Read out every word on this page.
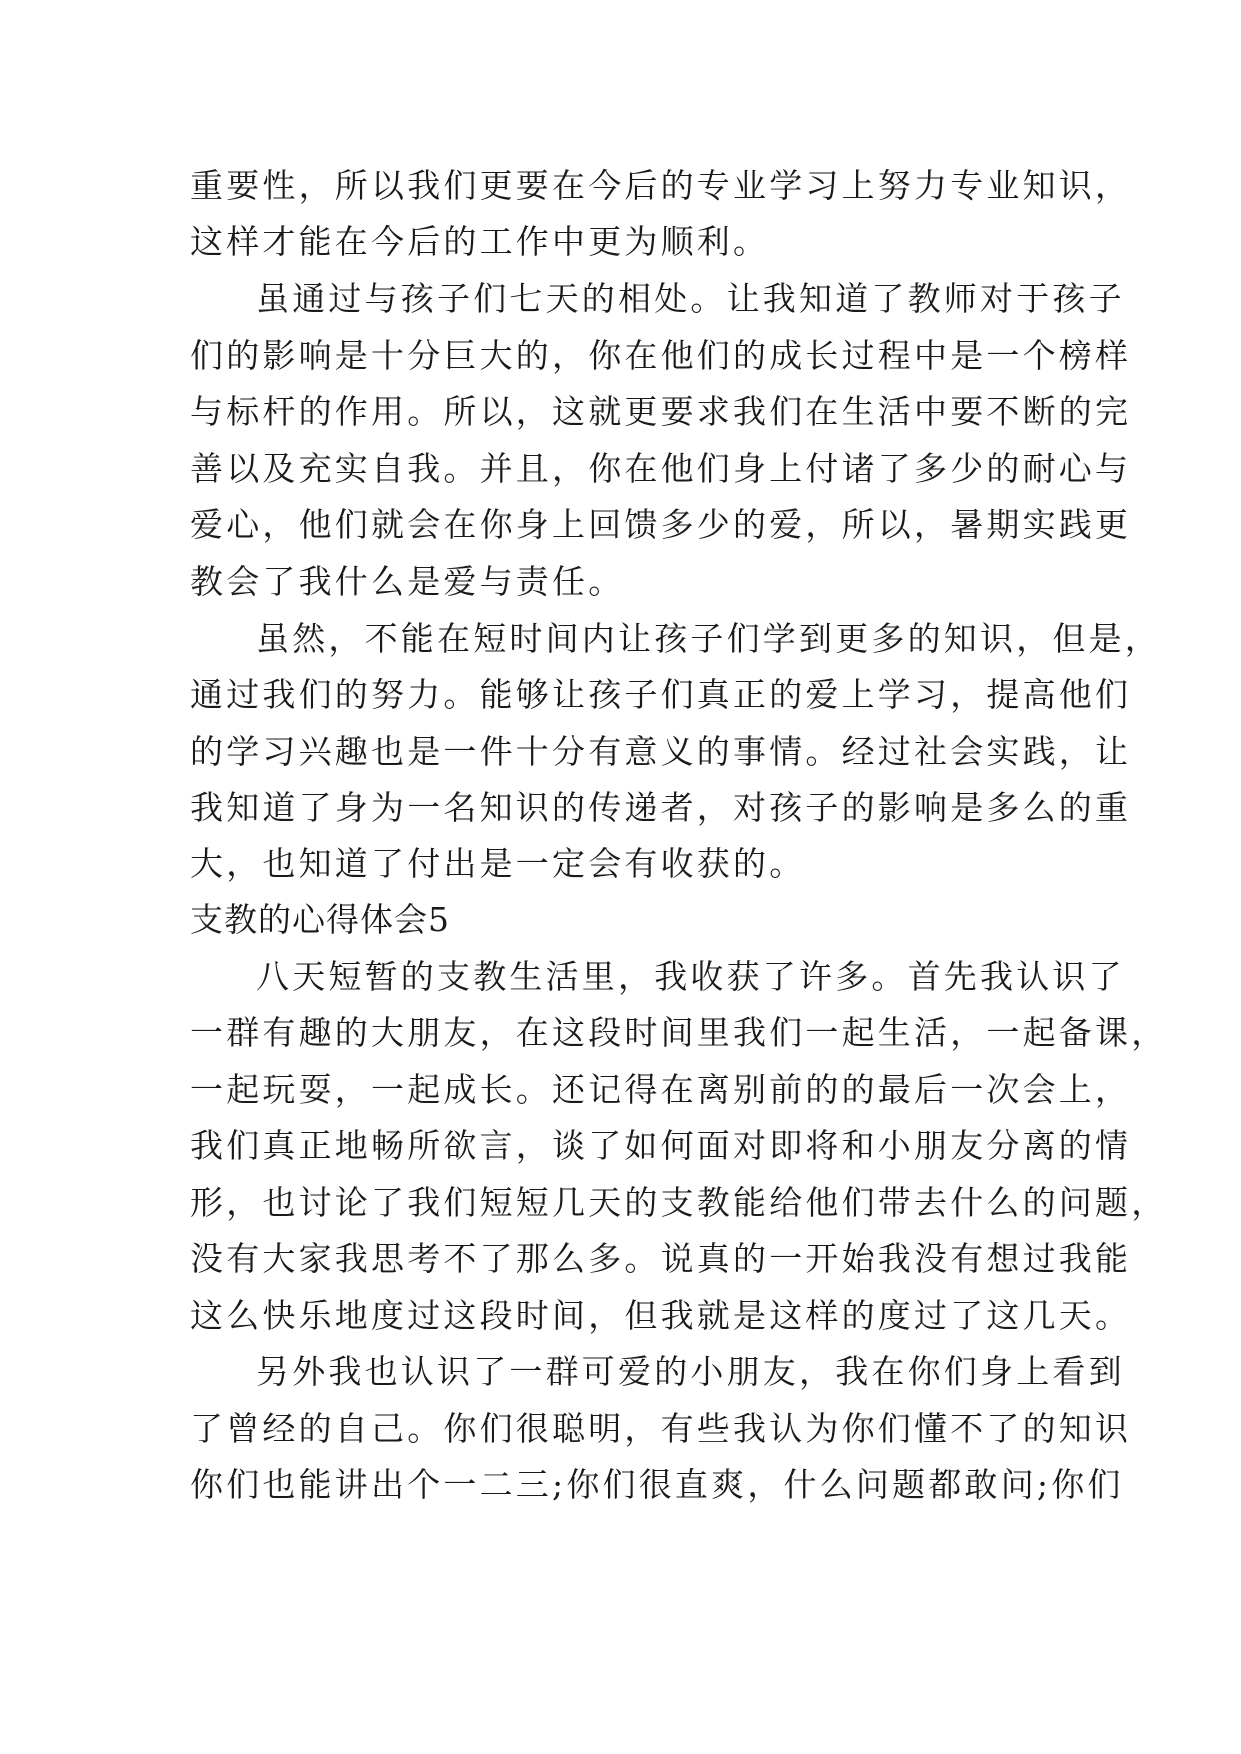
重要性，所以我们更要在今后的专业学习上努力专业知识，
这样才能在今后的工作中更为顺利。
虽通过与孩子们七天的相处。让我知道了教师对于孩子
们的影响是十分巨大的，你在他们的成长过程中是一个榜样
与标杆的作用。所以，这就更要求我们在生活中要不断的完
善以及充实自我。并且，你在他们身上付诸了多少的耐心与
爱心，他们就会在你身上回馈多少的爱，所以，暑期实践更
教会了我什么是爱与责任。
虽然，不能在短时间内让孩子们学到更多的知识，但是，
通过我们的努力。能够让孩子们真正的爱上学习，提高他们
的学习兴趣也是一件十分有意义的事情。经过社会实践，让
我知道了身为一名知识的传递者，对孩子的影响是多么的重
大，也知道了付出是一定会有收获的。
支教的心得体会5
八天短暂的支教生活里，我收获了许多。首先我认识了
一群有趣的大朋友，在这段时间里我们一起生活，一起备课，
一起玩耍，一起成长。还记得在离别前的的最后一次会上，
我们真正地畅所欲言，谈了如何面对即将和小朋友分离的情
形，也讨论了我们短短几天的支教能给他们带去什么的问题，
没有大家我思考不了那么多。说真的一开始我没有想过我能
这么快乐地度过这段时间，但我就是这样的度过了这几天。
另外我也认识了一群可爱的小朋友，我在你们身上看到
了曾经的自己。你们很聪明，有些我认为你们懂不了的知识
你们也能讲出个一二三;你们很直爽，什么问题都敢问;你们
